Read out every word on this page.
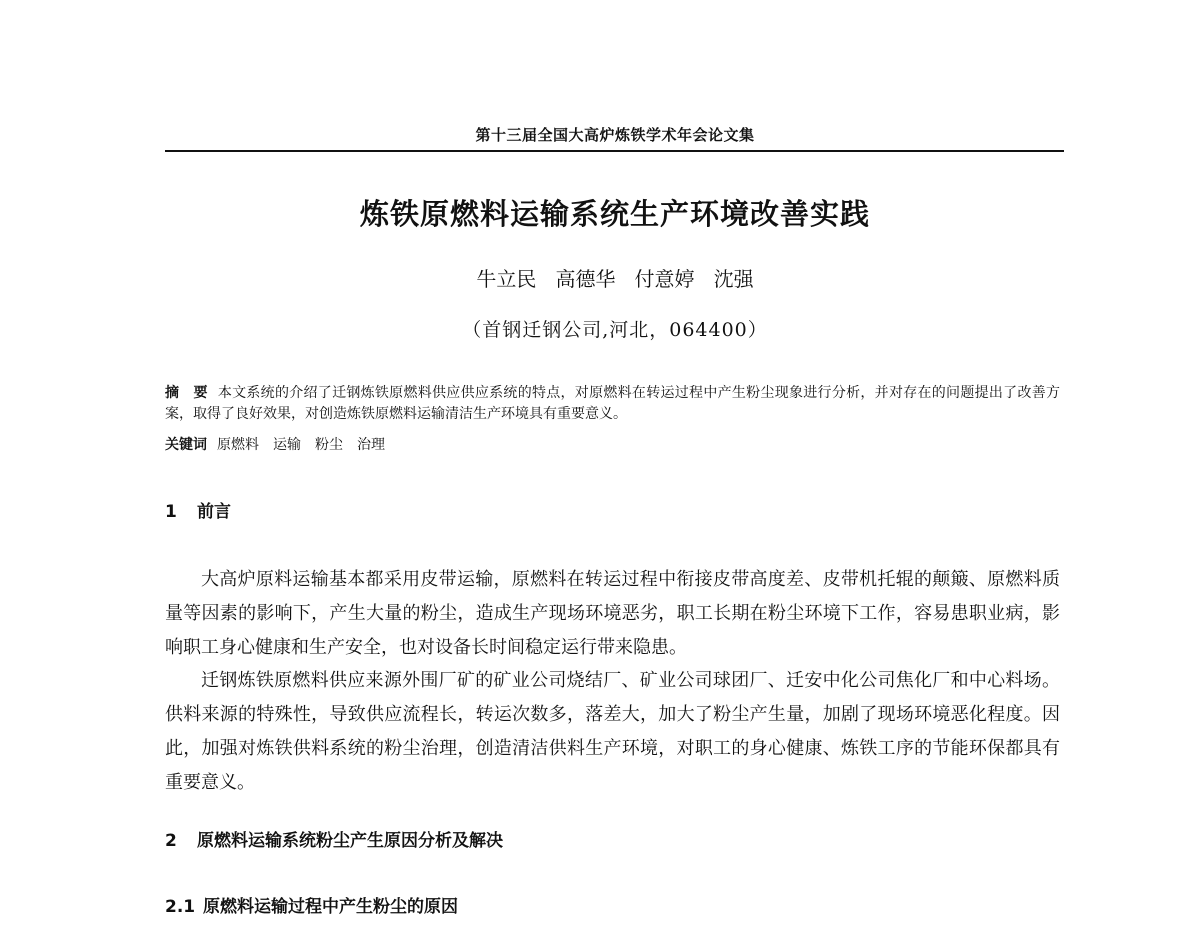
第十三届全国大高炉炼铁学术年会论文集
炼铁原燃料运输系统生产环境改善实践
牛立民 高德华 付意婷 沈强
（首钢迁钢公司,河北，064400）
摘　要 本文系统的介绍了迁钢炼铁原燃料供应供应系统的特点，对原燃料在转运过程中产生粉尘现象进行分析，并对存在的问题提出了改善方案，取得了良好效果，对创造炼铁原燃料运输清洁生产环境具有重要意义。
关键词 原燃料 运输 粉尘 治理
1 前言

大高炉原料运输基本都采用皮带运输，原燃料在转运过程中衔接皮带高度差、皮带机托辊的颠簸、原燃料质量等因素的影响下，产生大量的粉尘，造成生产现场环境恶劣，职工长期在粉尘环境下工作，容易患职业病，影响职工身心健康和生产安全，也对设备长时间稳定运行带来隐患。

迁钢炼铁原燃料供应来源外围厂矿的矿业公司烧结厂、矿业公司球团厂、迁安中化公司焦化厂和中心料场。供料来源的特殊性，导致供应流程长，转运次数多，落差大，加大了粉尘产生量，加剧了现场环境恶化程度。因此，加强对炼铁供料系统的粉尘治理，创造清洁供料生产环境，对职工的身心健康、炼铁工序的节能环保都具有重要意义。

2 原燃料运输系统粉尘产生原因分析及解决
2.1 原燃料运输过程中产生粉尘的原因
